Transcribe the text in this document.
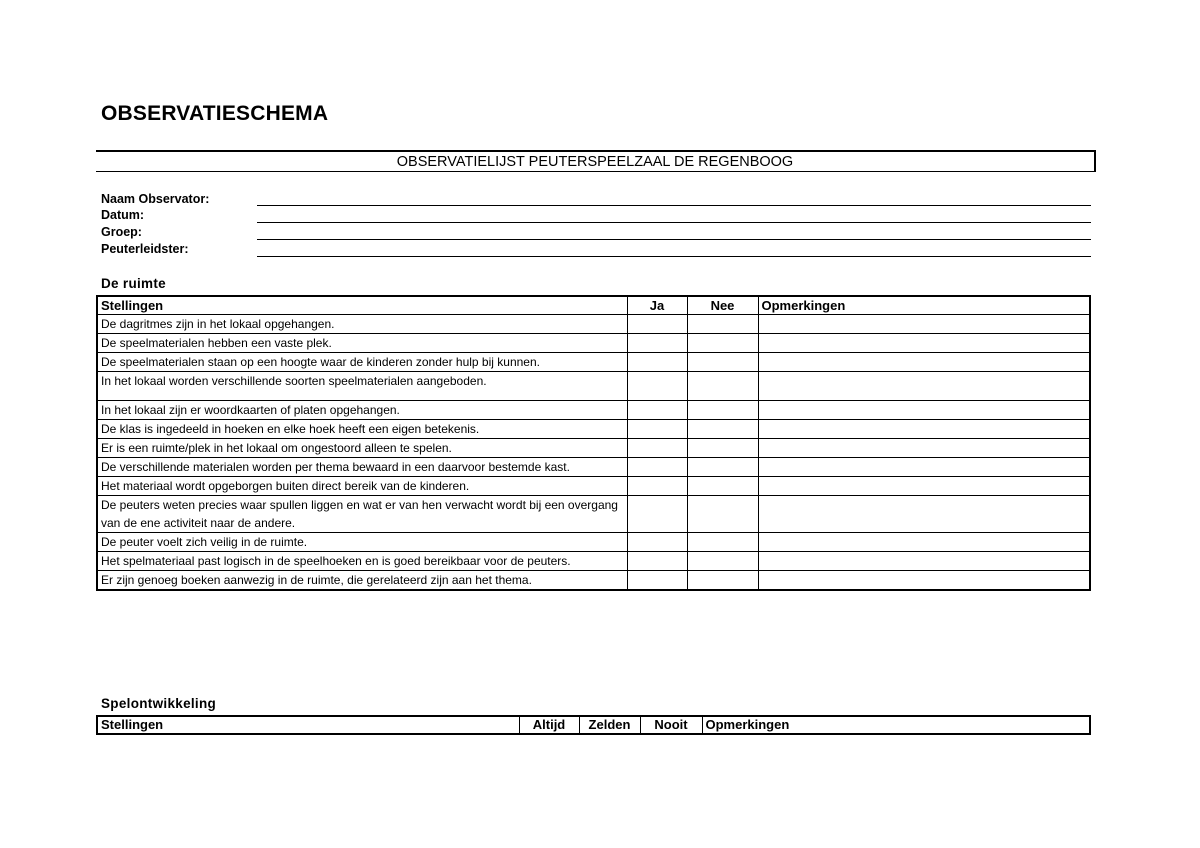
OBSERVATIESCHEMA
OBSERVATIELIJST PEUTERSPEELZAAL DE REGENBOOG
Naam Observator:
Datum:
Groep:
Peuterleidster:
De ruimte
Stellingen	Ja	Nee	Opmerkingen
De dagritmes zijn in het lokaal opgehangen.			
De speelmaterialen hebben een vaste plek.			
De speelmaterialen staan op een hoogte waar de kinderen zonder hulp bij kunnen.			
In het lokaal worden verschillende soorten speelmaterialen aangeboden.			
In het lokaal zijn er woordkaarten of platen opgehangen.			
De klas is ingedeeld in hoeken en elke hoek heeft een eigen betekenis.			
Er is een ruimte/plek in het lokaal om ongestoord alleen te spelen.			
De verschillende materialen worden per thema bewaard in een daarvoor bestemde kast.			
Het materiaal wordt opgeborgen buiten direct bereik van de kinderen.			
De peuters weten precies waar spullen liggen en wat er van hen verwacht wordt bij een overgang van de ene activiteit naar de andere.			
De peuter voelt zich veilig in de ruimte.			
Het spelmateriaal past logisch in de speelhoeken en is goed bereikbaar voor de peuters.			
Er zijn genoeg boeken aanwezig in de ruimte, die gerelateerd zijn aan het thema.			
Spelontwikkeling
Stellingen	Altijd	Zelden	Nooit	Opmerkingen
